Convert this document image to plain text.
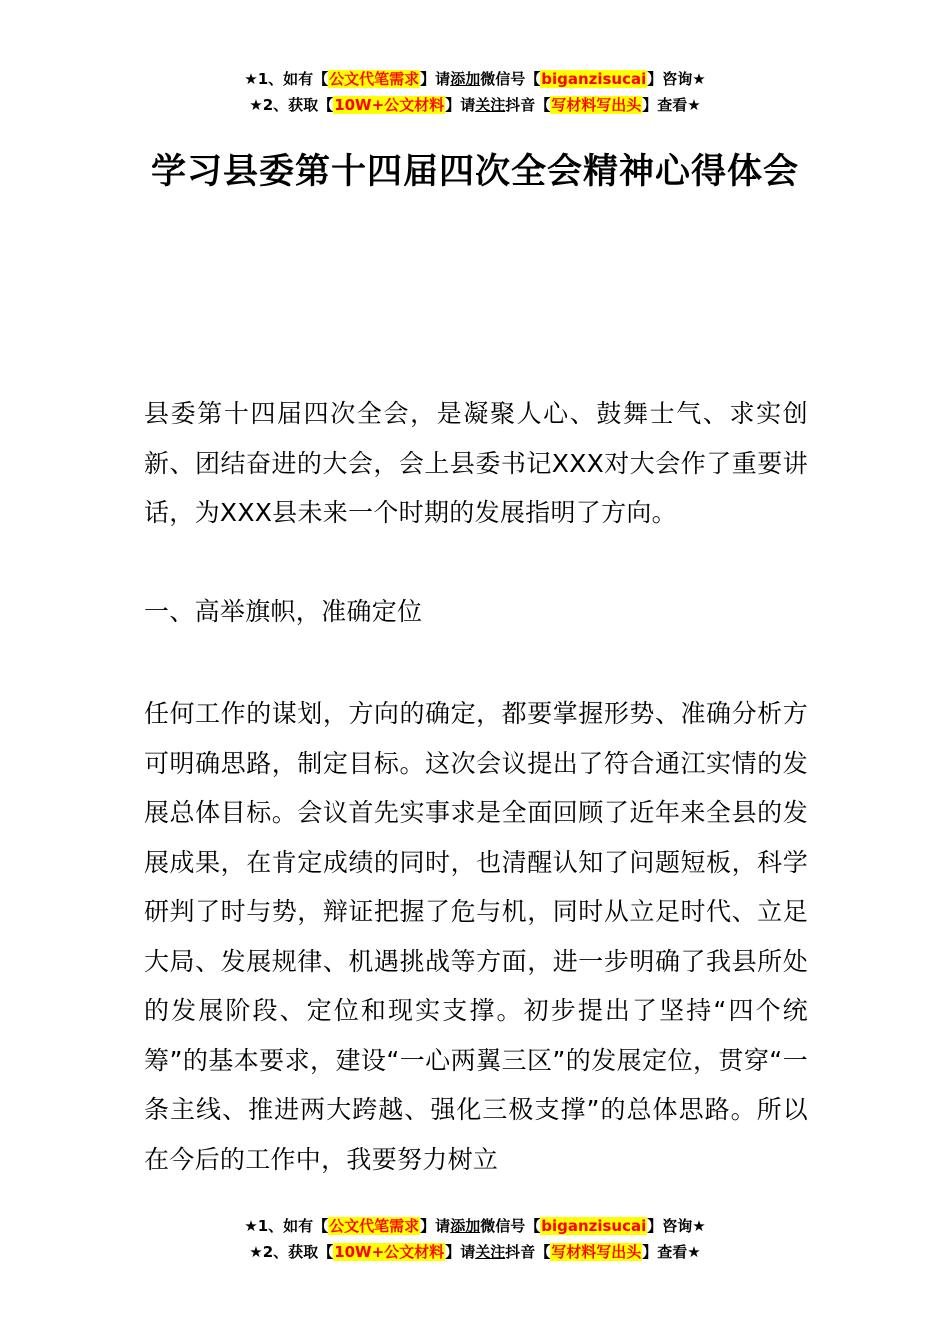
★1、如有【公文代笔需求】请添加微信号【biganzisucai】咨询★
★2、获取【10W+公文材料】请关注抖音【写材料写出头】查看★
学习县委第十四届四次全会精神心得体会
县委第十四届四次全会，是凝聚人心、鼓舞士气、求实创新、团结奋进的大会，会上县委书记XXX对大会作了重要讲话，为XXX县未来一个时期的发展指明了方向。
一、高举旗帜，准确定位
任何工作的谋划，方向的确定，都要掌握形势、准确分析方可明确思路，制定目标。这次会议提出了符合通江实情的发展总体目标。会议首先实事求是全面回顾了近年来全县的发展成果，在肯定成绩的同时，也清醒认知了问题短板，科学研判了时与势，辩证把握了危与机，同时从立足时代、立足大局、发展规律、机遇挑战等方面，进一步明确了我县所处的发展阶段、定位和现实支撑。初步提出了坚持“四个统筹”的基本要求，建设“一心两翼三区”的发展定位，贯穿“一条主线、推进两大跨越、强化三极支撑”的总体思路。所以在今后的工作中，我要努力树立
★1、如有【公文代笔需求】请添加微信号【biganzisucai】咨询★
★2、获取【10W+公文材料】请关注抖音【写材料写出头】查看★
